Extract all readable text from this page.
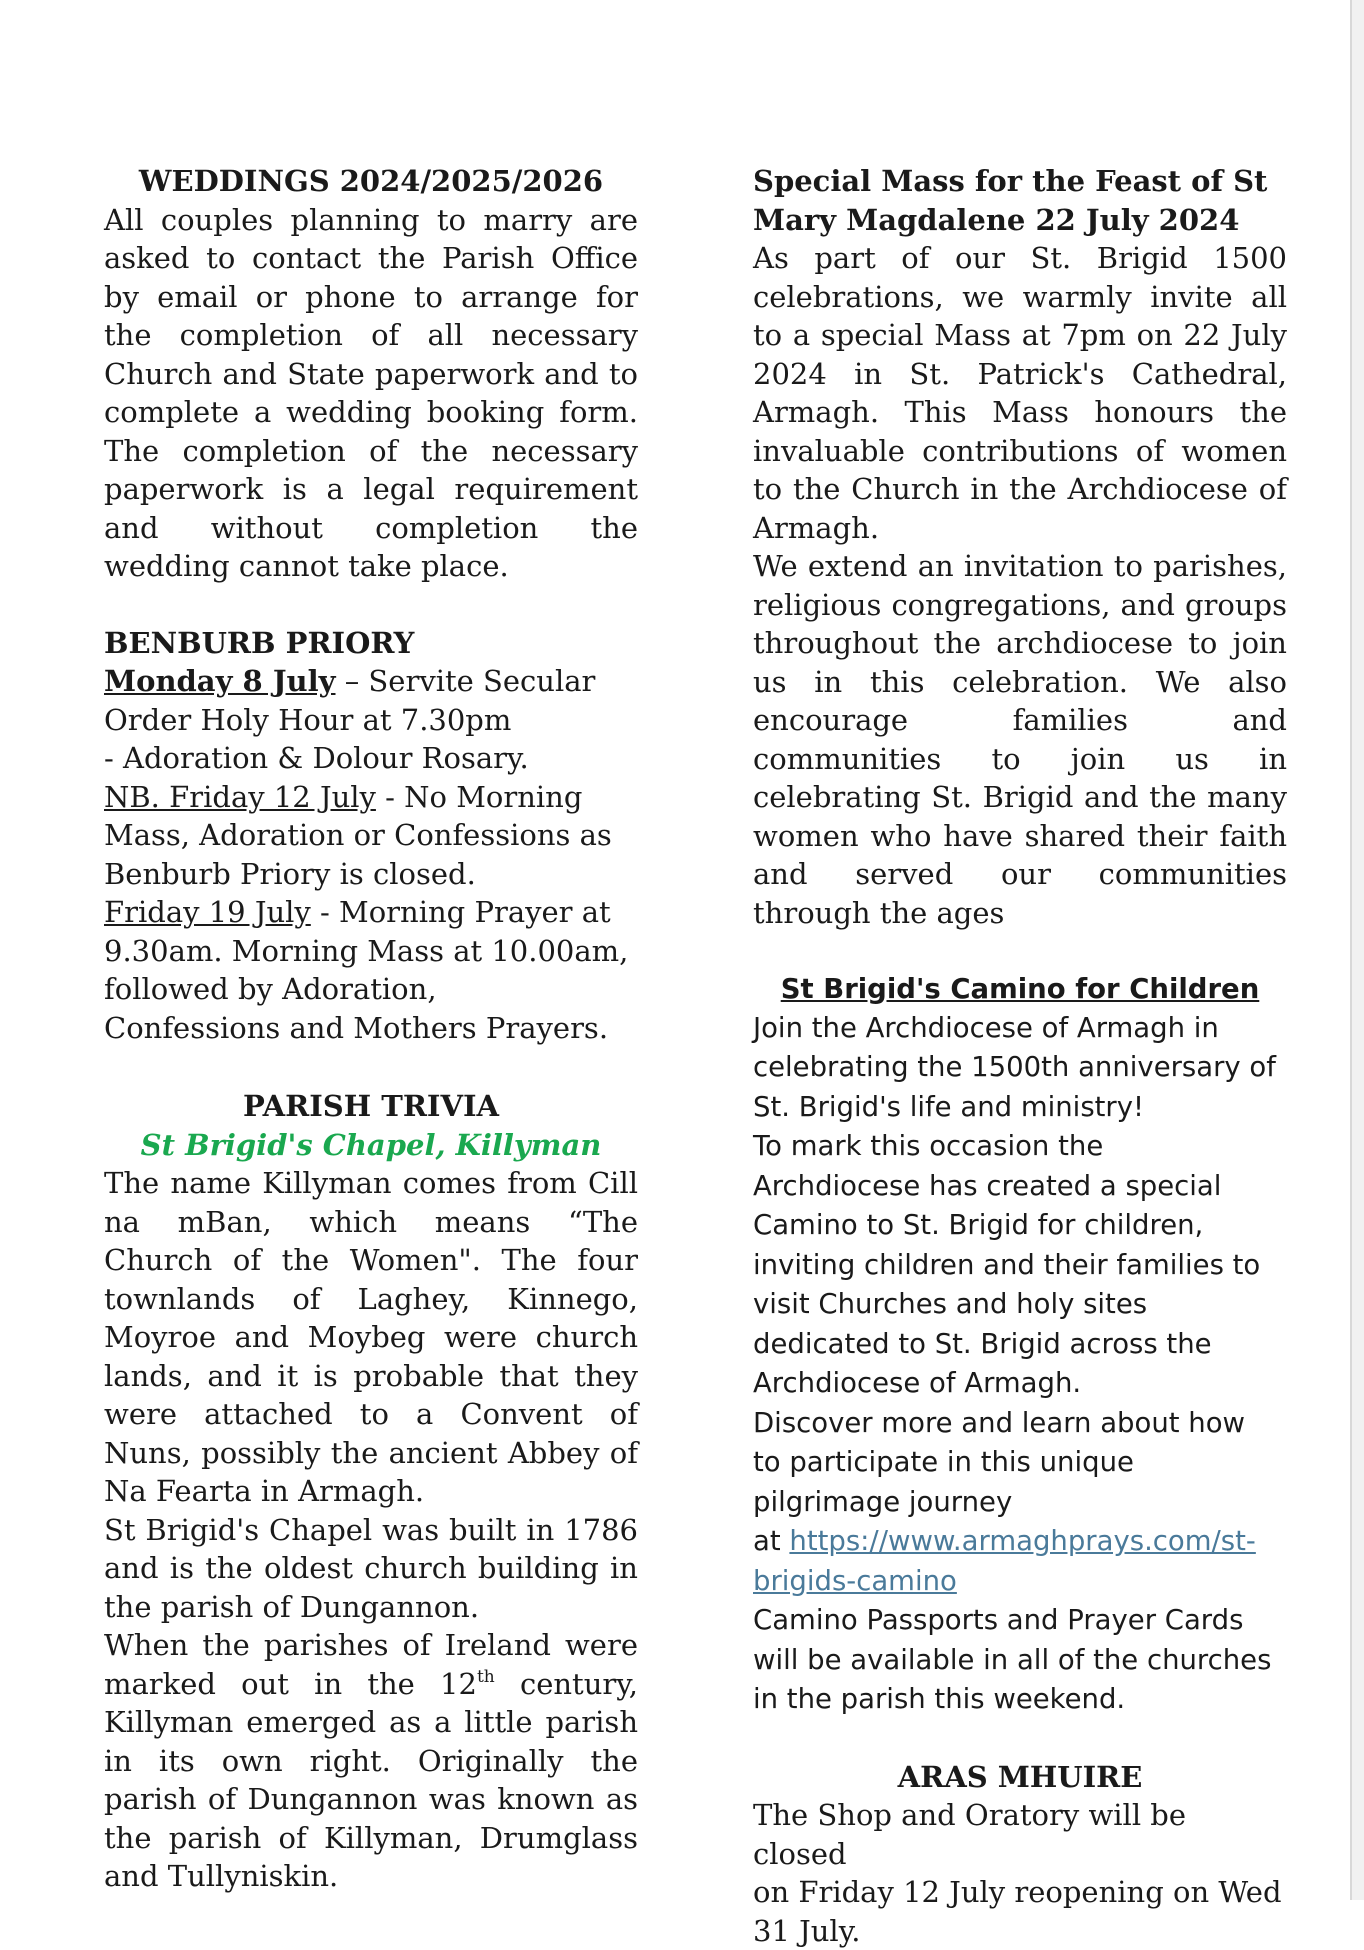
WEDDINGS 2024/2025/2026
All couples planning to marry are asked to contact the Parish Office by email or phone to arrange for the completion of all necessary Church and State paperwork and to complete a wedding booking form. The completion of the necessary paperwork is a legal requirement and without completion the wedding cannot take place.
BENBURB PRIORY
Monday 8 July – Servite Secular
Order Holy Hour at 7.30pm
- Adoration & Dolour Rosary.
NB. Friday 12 July - No Morning
Mass, Adoration or Confessions as
Benburb Priory is closed.
Friday 19 July - Morning Prayer at
9.30am. Morning Mass at 10.00am,
followed by Adoration,
Confessions and Mothers Prayers.
PARISH TRIVIA
St Brigid's Chapel, Killyman
The name Killyman comes from Cill na mBan, which means “The Church of the Women". The four townlands of Laghey, Kinnego, Moyroe and Moybeg were church lands, and it is probable that they were attached to a Convent of Nuns, possibly the ancient Abbey of Na Fearta in Armagh.
St Brigid's Chapel was built in 1786 and is the oldest church building in the parish of Dungannon.
When the parishes of Ireland were marked out in the 12th century, Killyman emerged as a little parish in its own right. Originally the parish of Dungannon was known as the parish of Killyman, Drumglass and Tullyniskin.
Special Mass for the Feast of St
Mary Magdalene 22 July 2024
As part of our St. Brigid 1500 celebrations, we warmly invite all to a special Mass at 7pm on 22 July 2024 in St. Patrick's Cathedral, Armagh. This Mass honours the invaluable contributions of women to the Church in the Archdiocese of Armagh.
We extend an invitation to parishes, religious congregations, and groups throughout the archdiocese to join us in this celebration. We also encourage families and communities to join us in celebrating St. Brigid and the many women who have shared their faith and served our communities through the ages
St Brigid's Camino for Children
Join the Archdiocese of Armagh in
celebrating the 1500th anniversary of
St. Brigid's life and ministry!
To mark this occasion the
Archdiocese has created a special
Camino to St. Brigid for children,
inviting children and their families to
visit Churches and holy sites
dedicated to St. Brigid across the
Archdiocese of Armagh.
Discover more and learn about how
to participate in this unique
pilgrimage journey
at https://www.armaghprays.com/st-
brigids-camino
Camino Passports and Prayer Cards
will be available in all of the churches
in the parish this weekend.
ARAS MHUIRE
The Shop and Oratory will be closed
on Friday 12 July reopening on Wed
31 July.
